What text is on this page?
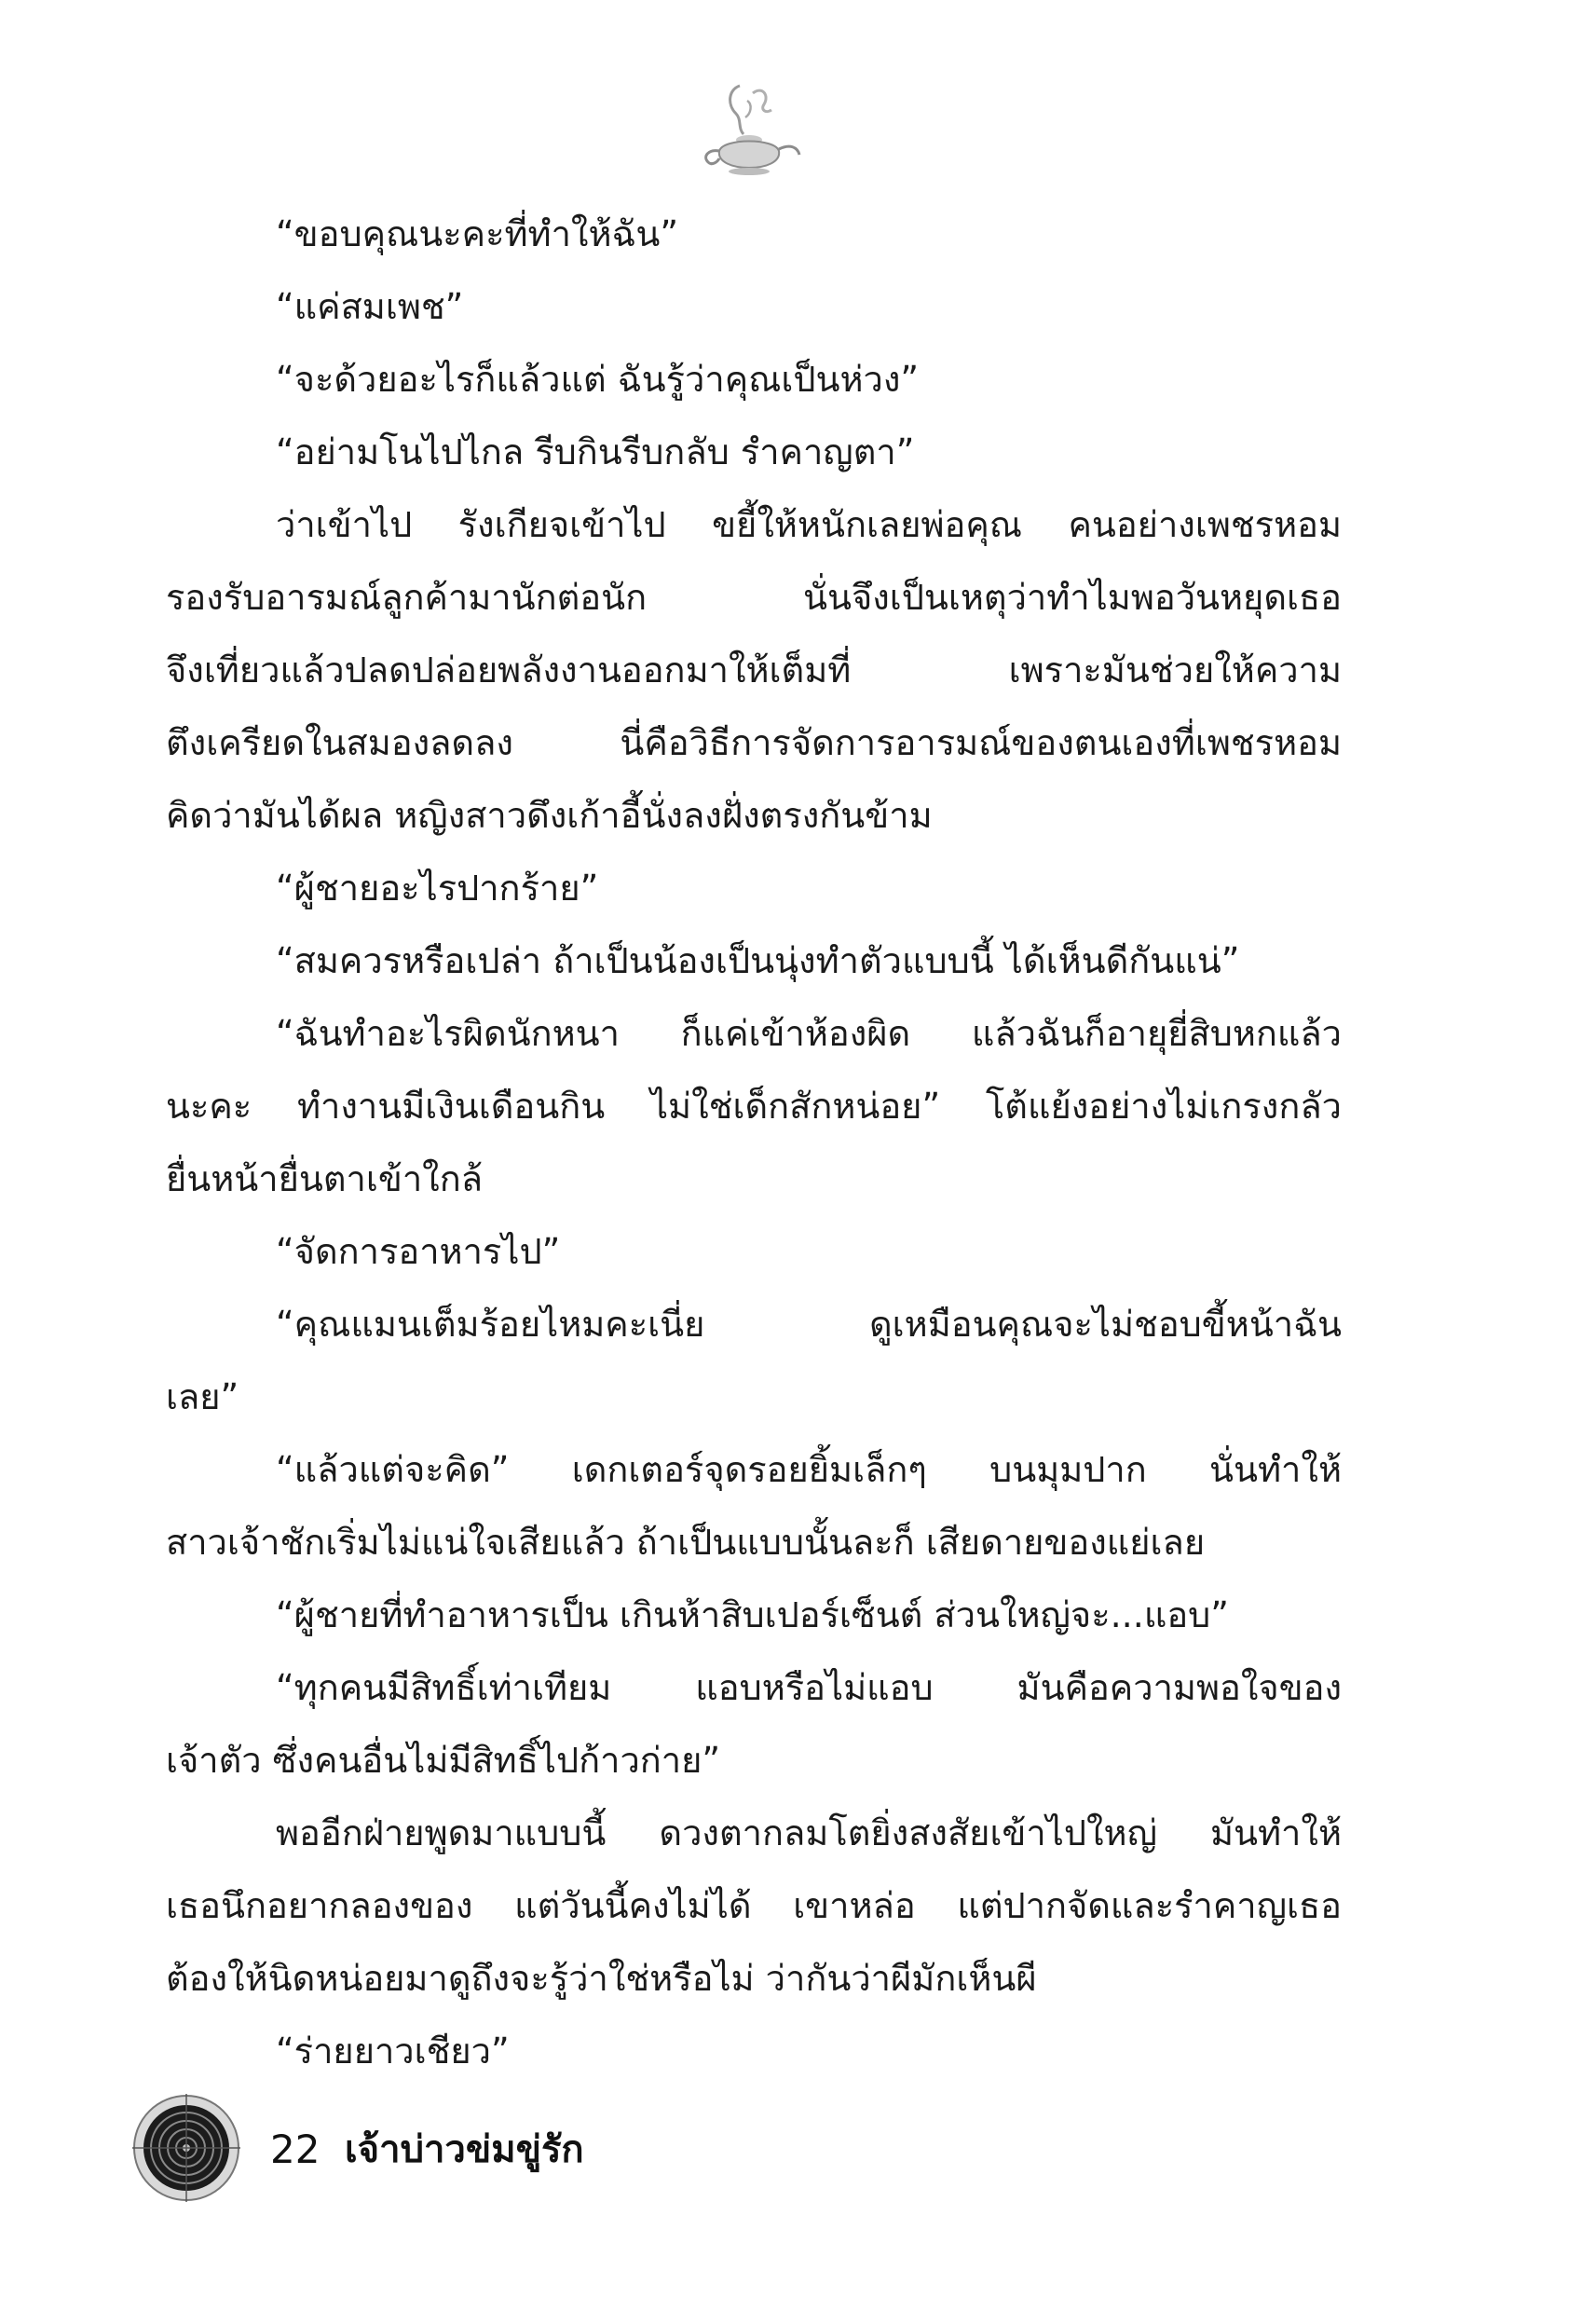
“ขอบคุณนะคะที่ทำให้ฉัน”
“แค่สมเพช”
“จะด้วยอะไรก็แล้วแต่ ฉันรู้ว่าคุณเป็นห่วง”
“อย่ามโนไปไกล รีบกินรีบกลับ รำคาญตา”
ว่าเข้าไป รังเกียจเข้าไป ขยี้ให้หนักเลยพ่อคุณ คนอย่างเพชรหอม
รองรับอารมณ์ลูกค้ามานักต่อนัก นั่นจึงเป็นเหตุว่าทำไมพอวันหยุดเธอ
จึงเที่ยวแล้วปลดปล่อยพลังงานออกมาให้เต็มที่ เพราะมันช่วยให้ความ
ตึงเครียดในสมองลดลง นี่คือวิธีการจัดการอารมณ์ของตนเองที่เพชรหอม
คิดว่ามันได้ผล หญิงสาวดึงเก้าอี้นั่งลงฝั่งตรงกันข้าม
“ผู้ชายอะไรปากร้าย”
“สมควรหรือเปล่า ถ้าเป็นน้องเป็นนุ่งทำตัวแบบนี้ ได้เห็นดีกันแน่”
“ฉันทำอะไรผิดนักหนา ก็แค่เข้าห้องผิด แล้วฉันก็อายุยี่สิบหกแล้ว
นะคะ ทำงานมีเงินเดือนกิน ไม่ใช่เด็กสักหน่อย” โต้แย้งอย่างไม่เกรงกลัว
ยื่นหน้ายื่นตาเข้าใกล้
“จัดการอาหารไป”
“คุณแมนเต็มร้อยไหมคะเนี่ย ดูเหมือนคุณจะไม่ชอบขี้หน้าฉัน
เลย”
“แล้วแต่จะคิด” เดกเตอร์จุดรอยยิ้มเล็กๆ บนมุมปาก นั่นทำให้
สาวเจ้าชักเริ่มไม่แน่ใจเสียแล้ว ถ้าเป็นแบบนั้นละก็ เสียดายของแย่เลย
“ผู้ชายที่ทำอาหารเป็น เกินห้าสิบเปอร์เซ็นต์ ส่วนใหญ่จะ...แอบ”
“ทุกคนมีสิทธิ์เท่าเทียม แอบหรือไม่แอบ มันคือความพอใจของ
เจ้าตัว ซึ่งคนอื่นไม่มีสิทธิ์ไปก้าวก่าย”
พออีกฝ่ายพูดมาแบบนี้ ดวงตากลมโตยิ่งสงสัยเข้าไปใหญ่ มันทำให้
เธอนึกอยากลองของ แต่วันนี้คงไม่ได้ เขาหล่อ แต่ปากจัดและรำคาญเธอ
ต้องให้นิดหน่อยมาดูถึงจะรู้ว่าใช่หรือไม่ ว่ากันว่าผีมักเห็นผี
“ร่ายยาวเชียว”
22 เจ้าบ่าวข่มขู่รัก
